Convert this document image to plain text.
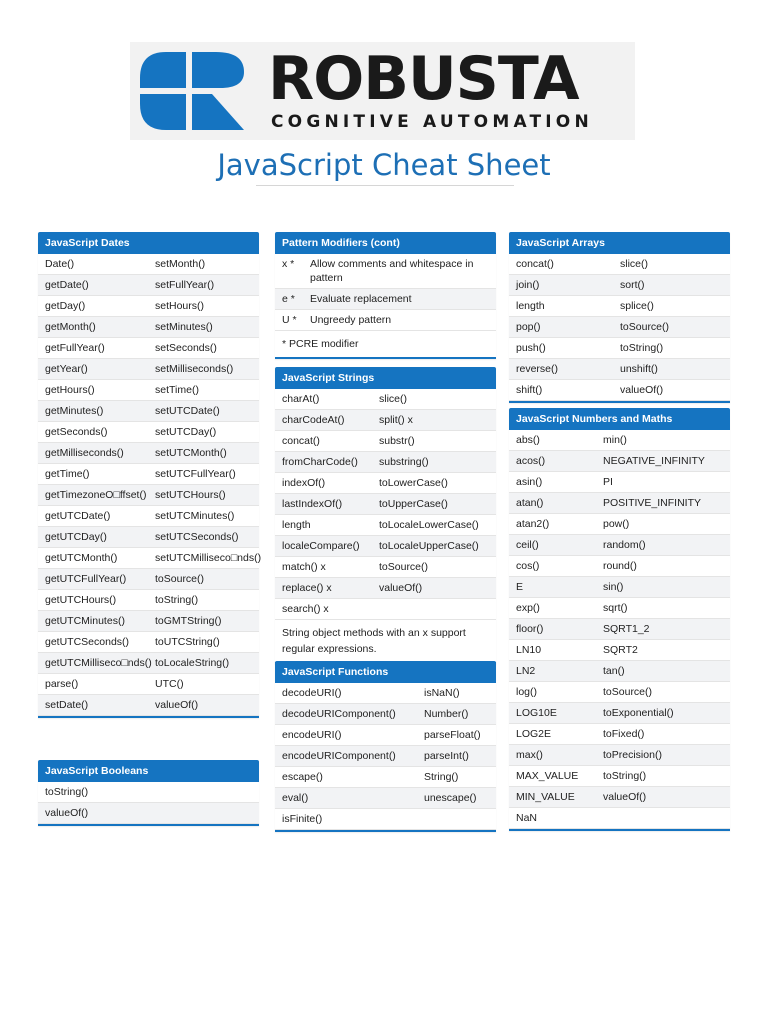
ROBUSTA
COGNITIVE AUTOMATION
JavaScript Cheat Sheet
JavaScript Dates
Date()	setMonth()
getDate()	setFullYear()
getDay()	setHours()
getMonth()	setMinutes()
getFullYear()	setSeconds()
getYear()	setMilliseconds()
getHours()	setTime()
getMinutes()	setUTCDate()
getSeconds()	setUTCDay()
getMilliseconds()	setUTCMonth()
getTime()	setUTCFullYear()
getTimezoneO□ffset() setUTCHours()
getUTCDate()	setUTCMinutes()
getUTCDay()	setUTCSeconds()
getUTCMonth()	setUTCMilliseco□nds()
getUTCFullYear()	toSource()
getUTCHours()	toString()
getUTCMinutes()	toGMTString()
getUTCSeconds()	toUTCString()
getUTCMilliseco□nds() toLocaleString()
parse()	UTC()
setDate()	valueOf()
JavaScript Booleans
toString()
valueOf()
Pattern Modifiers (cont)
x *	Allow comments and whitespace in pattern
e *	Evaluate replacement
U *	Ungreedy pattern
* PCRE modifier
JavaScript Strings
charAt()	slice()
charCodeAt()	split() x
concat()	substr()
fromCharCode()	substring()
indexOf()	toLowerCase()
lastIndexOf()	toUpperCase()
length	toLocaleLowerCase()
localeCompare()	toLocaleUpperCase()
match() x	toSource()
replace() x	valueOf()
search() x
String object methods with an x support regular expressions.
JavaScript Functions
decodeURI()	isNaN()
decodeURIComponent()	Number()
encodeURI()	parseFloat()
encodeURIComponent()	parseInt()
escape()	String()
eval()	unescape()
isFinite()
JavaScript Arrays
concat()	slice()
join()	sort()
length	splice()
pop()	toSource()
push()	toString()
reverse()	unshift()
shift()	valueOf()
JavaScript Numbers and Maths
abs()	min()
acos()	NEGATIVE_INFINITY
asin()	PI
atan()	POSITIVE_INFINITY
atan2()	pow()
ceil()	random()
cos()	round()
E	sin()
exp()	sqrt()
floor()	SQRT1_2
LN10	SQRT2
LN2	tan()
log()	toSource()
LOG10E	toExponential()
LOG2E	toFixed()
max()	toPrecision()
MAX_VALUE	toString()
MIN_VALUE	valueOf()
NaN
